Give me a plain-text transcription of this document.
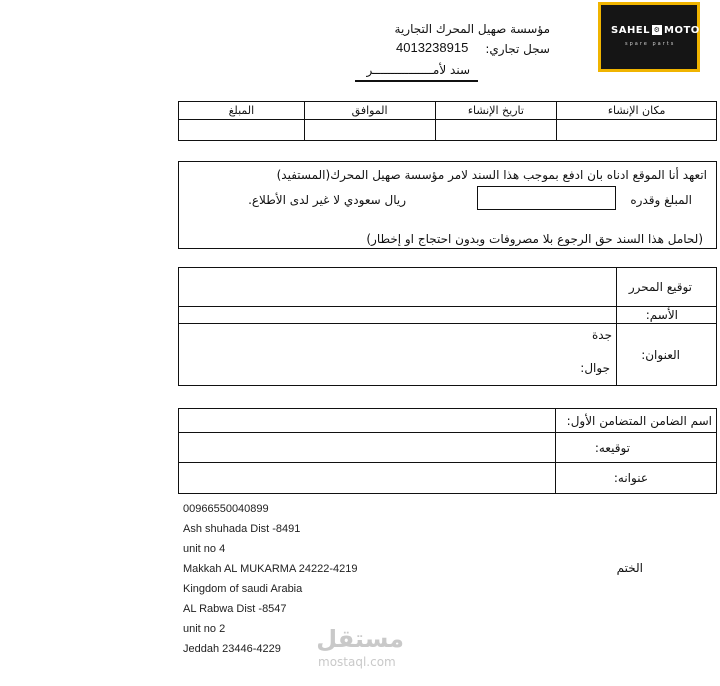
SAHEL ⚙ MOTOR
spare parts
مؤسسة صهيل المحرك التجارية
سجل تجاري:
4013238915
سند لأمـــــــــــــــــر
المبلغ	الموافق	تاريخ الإنشاء	مكان الإنشاء

اتعهد أنا الموقع ادناه بان ادفع بموجب هذا السند لامر مؤسسة صهيل المحرك(المستفيد)
المبلغ وقدره
ريال سعودي لا غير لدى الأطلاع.
(لحامل هذا السند حق الرجوع بلا مصروفات وبدون احتجاج او إخطار)

	توقيع المحرر

	الأسم:

جدة
جوال:	العنوان:

	اسم الضامن المتضامن الأول:

	توقيعه:

	عنوانه:
00966550040899
Ash shuhada Dist -8491
unit no 4
Makkah AL MUKARMA 24222-4219
Kingdom of saudi Arabia
AL Rabwa Dist -8547
unit no 2
Jeddah 23446-4229
الختم
مستقل
mostaql.com
